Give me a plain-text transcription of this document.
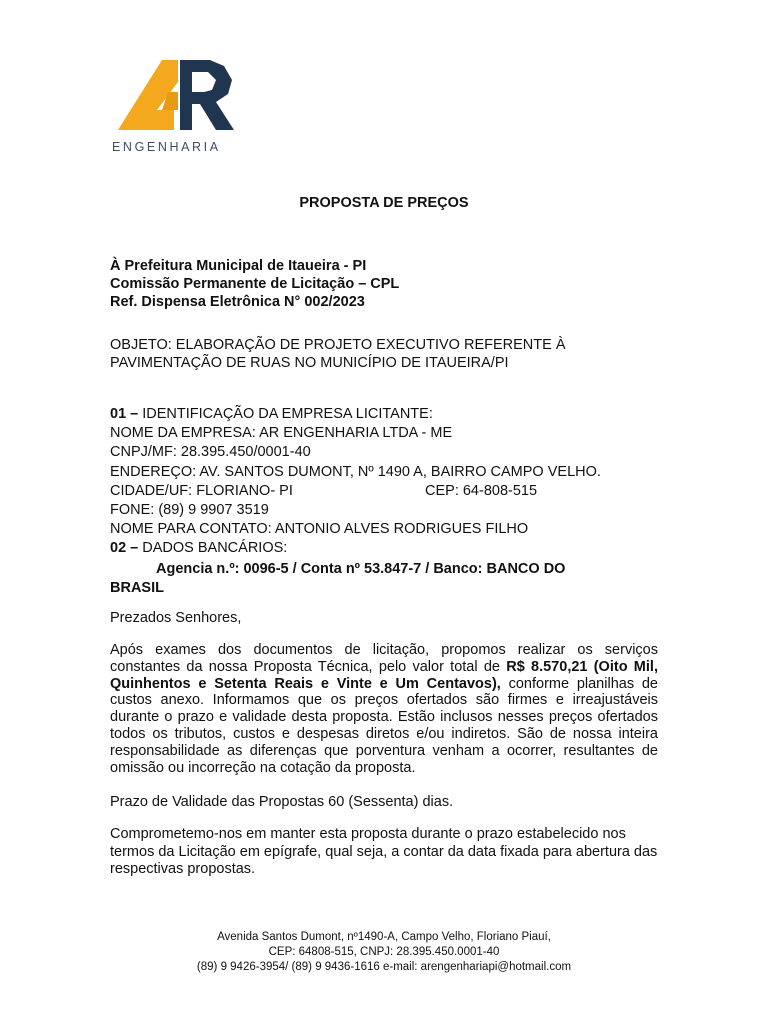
ENGENHARIA
PROPOSTA DE PREÇOS
À Prefeitura Municipal de Itaueira - PI
Comissão Permanente de Licitação – CPL
Ref. Dispensa Eletrônica N° 002/2023
OBJETO: ELABORAÇÃO DE PROJETO EXECUTIVO REFERENTE À
PAVIMENTAÇÃO DE RUAS NO MUNICÍPIO DE ITAUEIRA/PI
01 – IDENTIFICAÇÃO DA EMPRESA LICITANTE:
NOME DA EMPRESA: AR ENGENHARIA LTDA - ME
CNPJ/MF: 28.395.450/0001-40
ENDEREÇO: AV. SANTOS DUMONT, Nº 1490 A, BAIRRO CAMPO VELHO.
CIDADE/UF: FLORIANO- PI	CEP: 64-808-515
FONE: (89) 9 9907 3519
NOME PARA CONTATO: ANTONIO ALVES RODRIGUES FILHO
02 – DADOS BANCÁRIOS:
Agencia n.º: 0096-5 / Conta nº 53.847-7 / Banco: BANCO DO
BRASIL
Prezados Senhores,
Após exames dos documentos de licitação, propomos realizar os serviços constantes da nossa Proposta Técnica, pelo valor total de R$ 8.570,21 (Oito Mil, Quinhentos e Setenta Reais e Vinte e Um Centavos), conforme planilhas de custos anexo. Informamos que os preços ofertados são firmes e irreajustáveis durante o prazo e validade desta proposta. Estão inclusos nesses preços ofertados todos os tributos, custos e despesas diretos e/ou indiretos. São de nossa inteira responsabilidade as diferenças que porventura venham a ocorrer, resultantes de omissão ou incorreção na cotação da proposta.
Prazo de Validade das Propostas 60 (Sessenta) dias.
Comprometemo-nos em manter esta proposta durante o prazo estabelecido nos termos da Licitação em epígrafe, qual seja, a contar da data fixada para abertura das respectivas propostas.
Avenida Santos Dumont, nº1490-A, Campo Velho, Floriano Piauí,
CEP: 64808-515, CNPJ: 28.395.450.0001-40
(89) 9 9426-3954/ (89) 9 9436-1616 e-mail: arengenhariapi@hotmail.com
